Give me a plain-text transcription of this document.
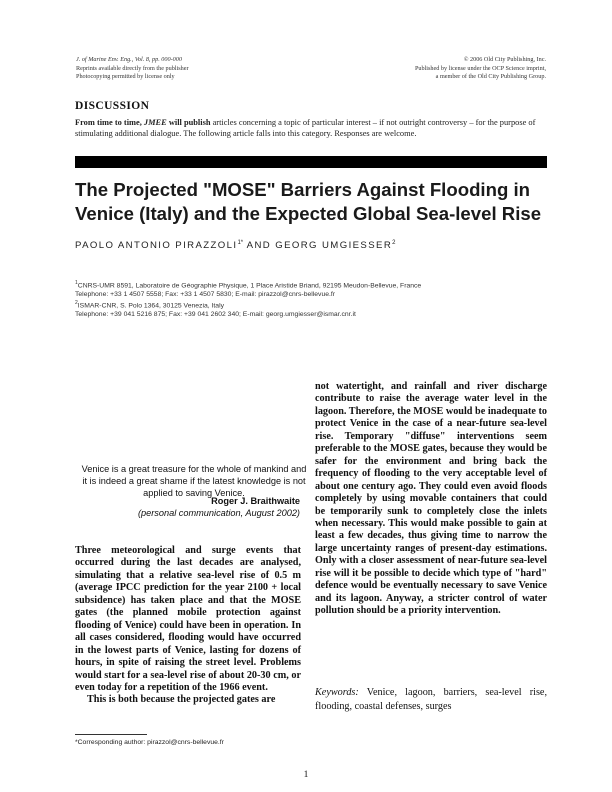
J. of Marine Env. Eng., Vol. 8, pp. 000-000
Reprints available directly from the publisher
Photocopying permitted by license only
© 2006 Old City Publishing, Inc.
Published by license under the OCP Science imprint,
a member of the Old City Publishing Group.
DISCUSSION
From time to time, JMEE will publish articles concerning a topic of particular interest – if not outright controversy – for the purpose of stimulating additional dialogue. The following article falls into this category. Responses are welcome.
The Projected "MOSE" Barriers Against Flooding in Venice (Italy) and the Expected Global Sea-level Rise
PAOLO ANTONIO $PIRAZZOLI^{1*}$ AND GEORG UMGIESSER$^2$
$^1$CNRS-UMR 8591, Laboratoire de Géographie Physique, 1 Place Aristide Briand, 92195 Meudon-Bellevue, France
Telephone: +33 1 4507 5558; Fax: +33 1 4507 5830; E-mail: pirazzol@cnrs-bellevue.fr
$^2$ISMAR-CNR, S. Polo 1364, 30125 Venezia, Italy
Telephone: +39 041 5216 875; Fax: +39 041 2602 340; E-mail: georg.umgiesser@ismar.cnr.it
Venice is a great treasure for the whole of mankind and it is indeed a great shame if the latest knowledge is not applied to saving Venice.
Roger J. Braithwaite
(personal communication, August 2002)

Three meteorological and surge events that occurred during the last decades are analysed, simulating that a relative sea-level rise of 0.5 m (average IPCC prediction for the year 2100 + local subsidence) has taken place and that the MOSE gates (the planned mobile protection against flooding of Venice) could have been in operation. In all cases considered, flooding would have occurred in the lowest parts of Venice, lasting for dozens of hours, in spite of raising the street level. Problems would start for a sea-level rise of about 20-30 cm, or even today for a repetition of the 1966 event.

This is both because the projected gates are

not watertight, and rainfall and river discharge contribute to raise the average water level in the lagoon. Therefore, the MOSE would be inadequate to protect Venice in the case of a near-future sea-level rise. Temporary "diffuse" interventions seem preferable to the MOSE gates, because they would be safer for the environment and bring back the frequency of flooding to the very acceptable level of about one century ago. They could even avoid floods completely by using movable containers that could be temporarily sunk to completely close the inlets when necessary. This would make possible to gain at least a few decades, thus giving time to narrow the large uncertainty ranges of present-day estimations. Only with a closer assessment of near-future sea-level rise will it be possible to decide which type of "hard" defence would be eventually necessary to save Venice and its lagoon. Anyway, a stricter control of water pollution should be a priority intervention.

Keywords: Venice, lagoon, barriers, sea-level rise, flooding, coastal defenses, surges
*Corresponding author: pirazzol@cnrs-bellevue.fr
1
